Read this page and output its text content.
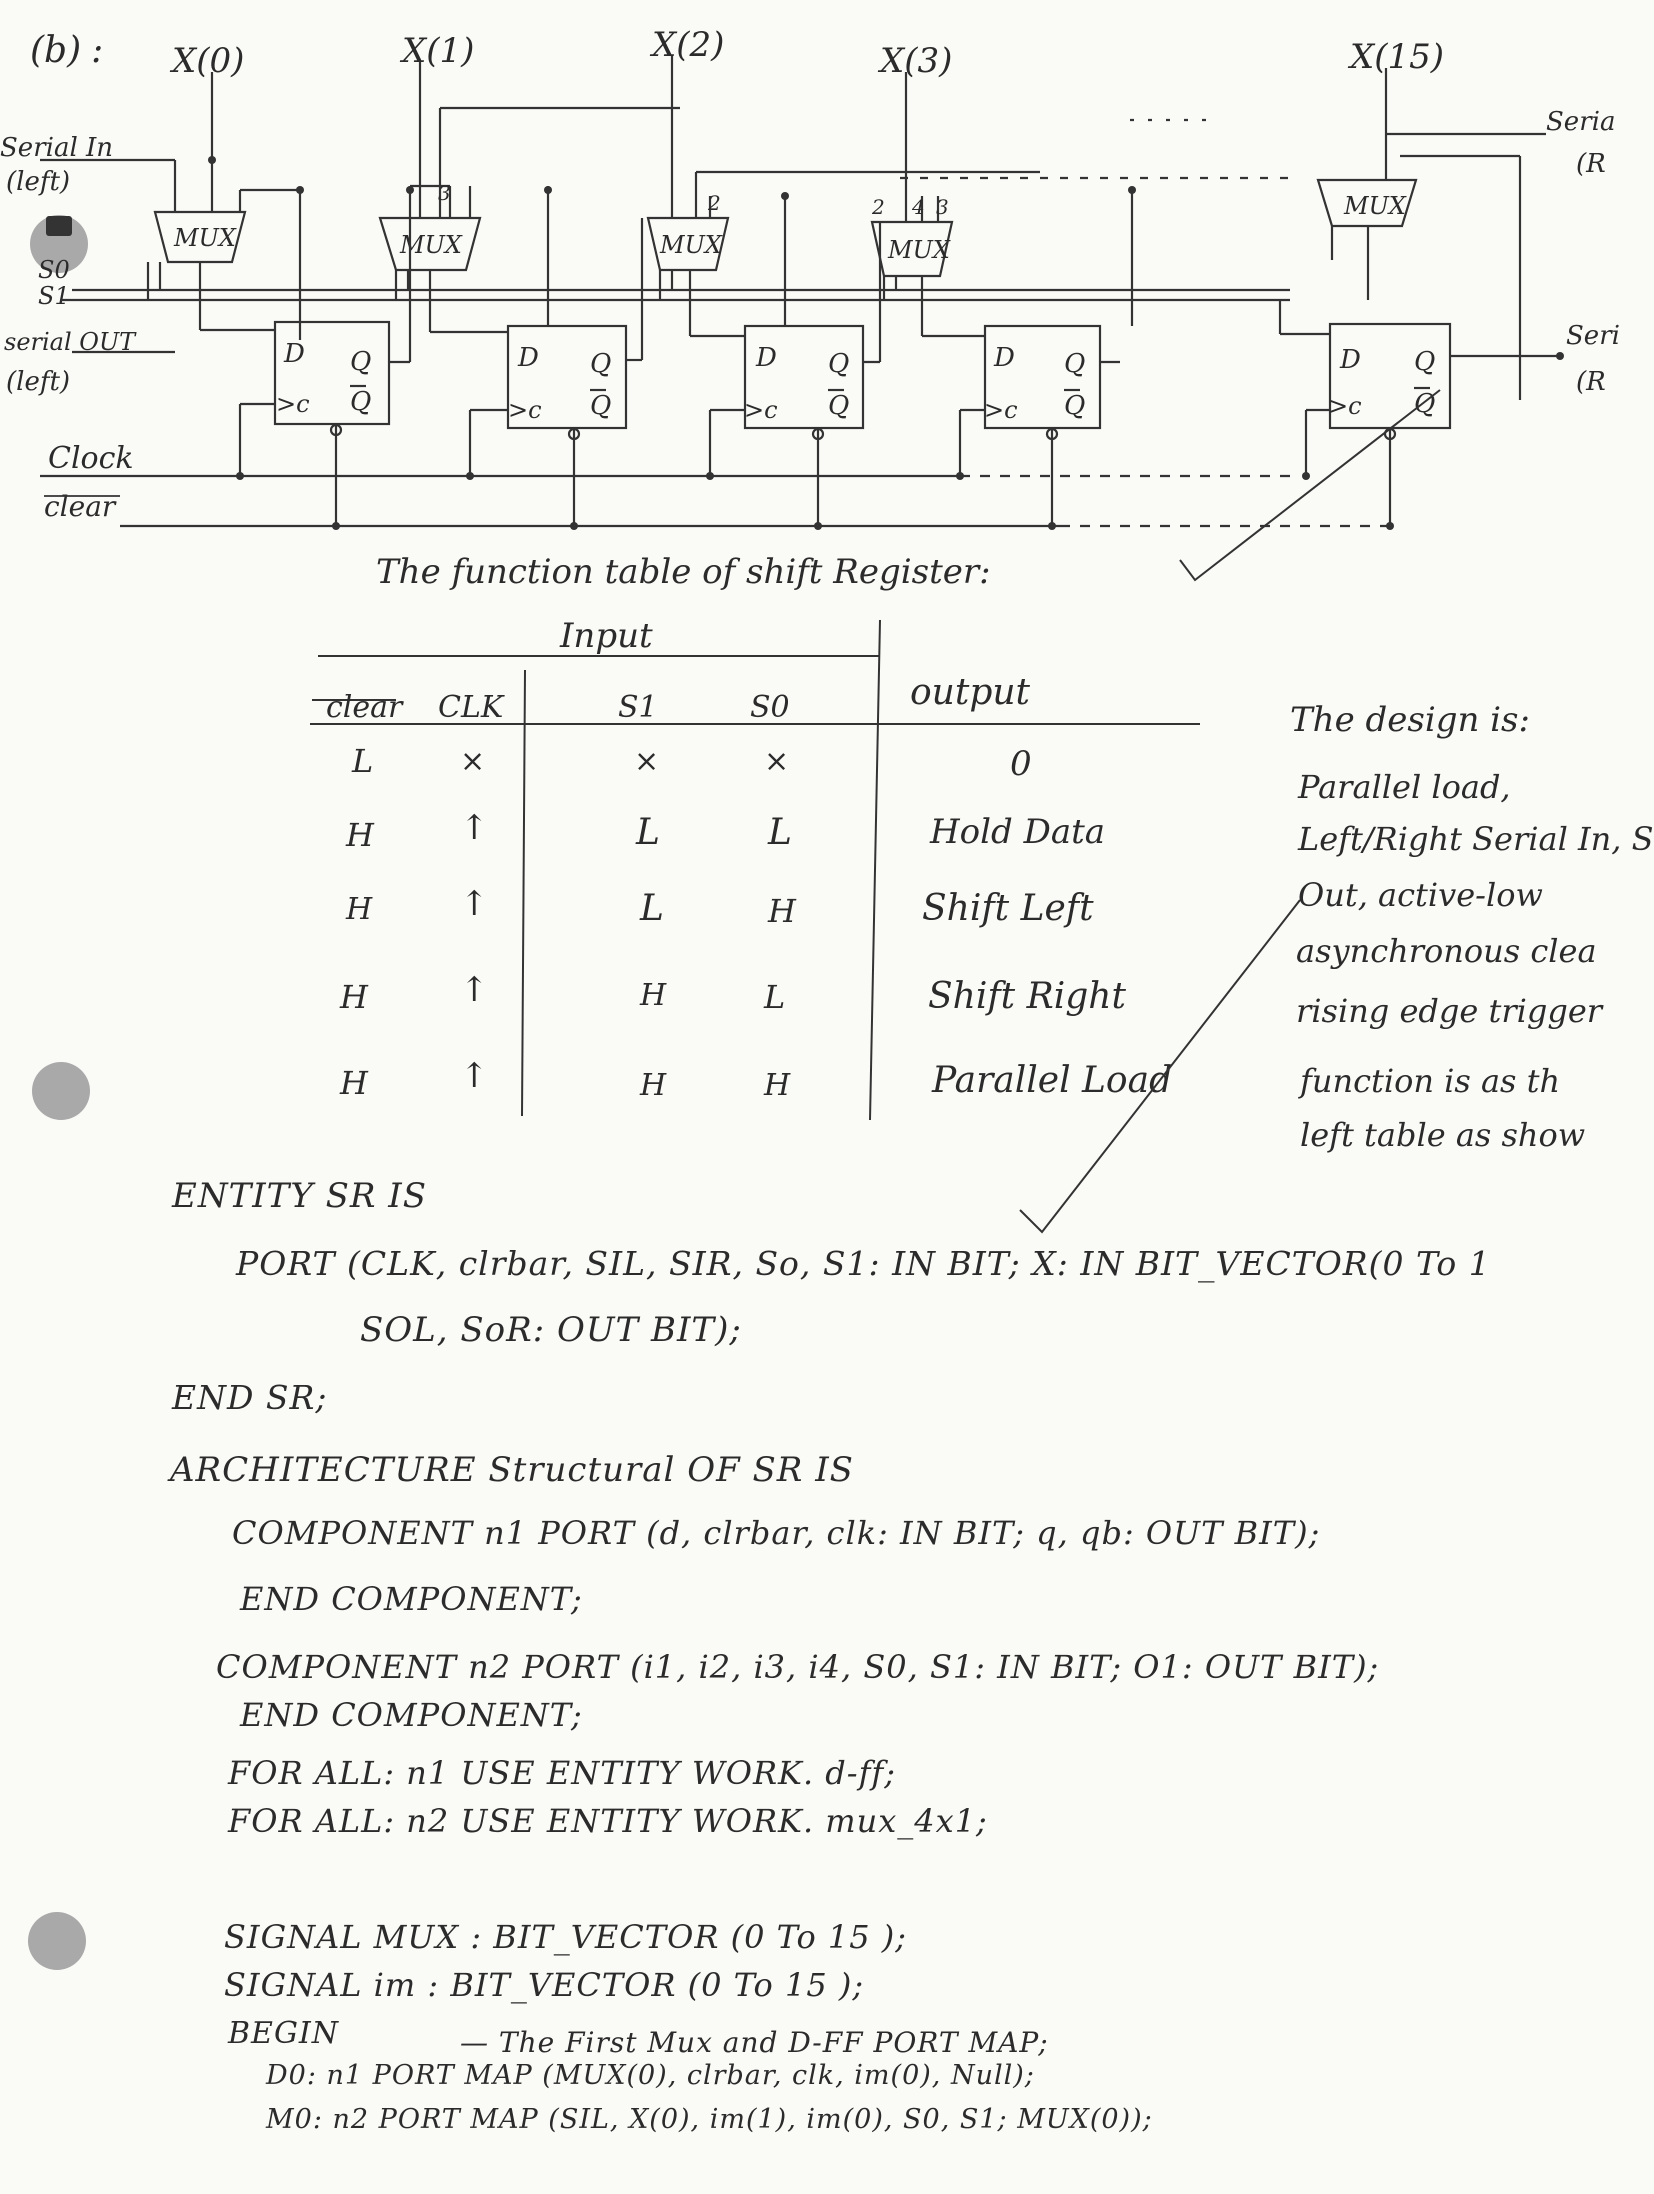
(b) : X(0)	X(1)	X(2)	X(3)	X(15)
Serial In
(left)
S0
S1
serial OUT
(left)
Clock
clear
Seria
(R
Seri
(R
MUX
D Q
Q
>c
MUX
3
D Q
Q
>c
MUX
2
D Q
Q
>c
MUX
4 3
2
D Q
Q
>c
MUX
D Q
Q
>c
The function table of shift Register:
Input
output
clear CLK	S1	S0
L	×	×	×	0
H	↑	L	L	Hold Data
H	↑	L	H	Shift Left
H	↑	H	L	Shift Right
H	↑	H	H	Parallel Load
The design is:
Parallel load,
Left/Right Serial In, S
Out, active-low
asynchronous clea
rising edge trigger
function is as th
left table as show
ENTITY SR IS
PORT (CLK, clrbar, SIL, SIR, So, S1: IN BIT; X: IN BIT_VECTOR(0 To 1
SOL, SoR: OUT BIT);
END SR;
ARCHITECTURE Structural OF SR IS
COMPONENT n1 PORT (d, clrbar, clk: IN BIT; q, qb: OUT BIT);
END COMPONENT;
COMPONENT n2 PORT (i1, i2, i3, i4, S0, S1: IN BIT; O1: OUT BIT);
END COMPONENT;
FOR ALL: n1 USE ENTITY WORK. d-ff;
FOR ALL: n2 USE ENTITY WORK. mux_4x1;
SIGNAL MUX : BIT_VECTOR (0 To 15 );
SIGNAL im : BIT_VECTOR (0 To 15 );
BEGIN	— The First Mux and D-FF PORT MAP;
D0: n1 PORT MAP (MUX(0), clrbar, clk, im(0), Null);
M0: n2 PORT MAP (SIL, X(0), im(1), im(0), S0, S1; MUX(0));
